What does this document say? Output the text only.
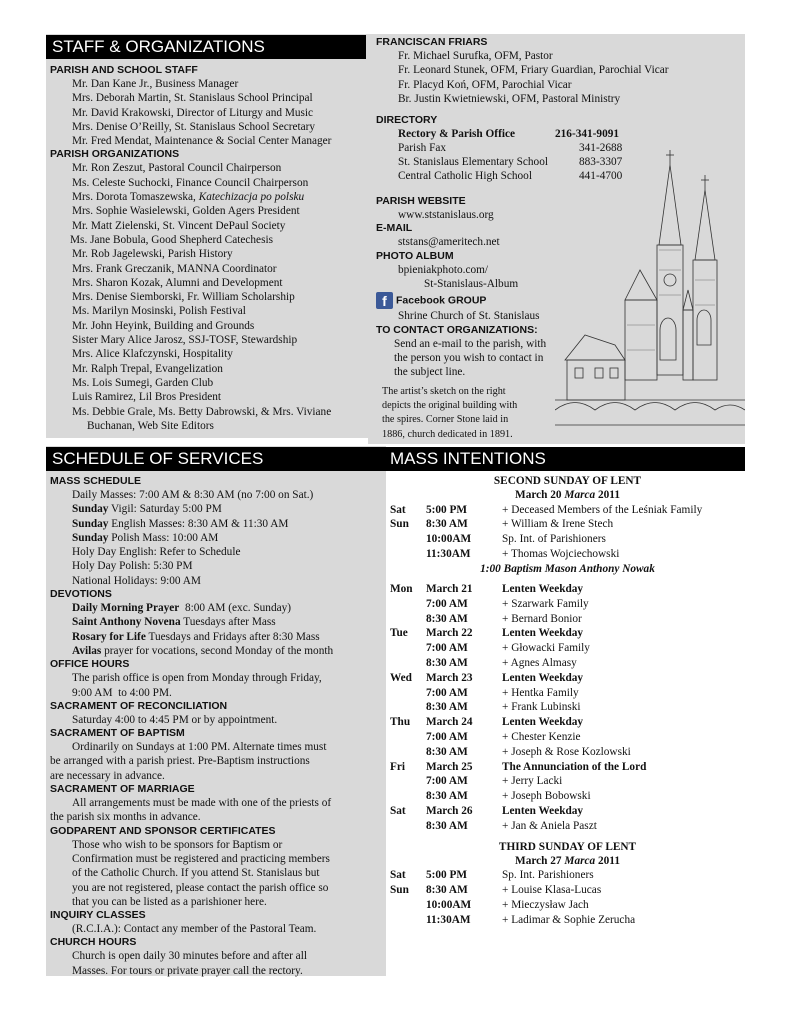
STAFF & ORGANIZATIONS

PARISH AND SCHOOL STAFF

Mr. Dan Kane Jr., Business Manager

Mrs. Deborah Martin, St. Stanislaus School Principal

Mr. David Krakowski, Director of Liturgy and Music

Mrs. Denise O’Reilly, St. Stanislaus School Secretary

Mr. Fred Mendat, Maintenance & Social Center Manager

PARISH ORGANIZATIONS

Mr. Ron Zeszut, Pastoral Council Chairperson

Ms. Celeste Suchocki, Finance Council Chairperson

Mrs. Dorota Tomaszewska, Katechizacja po polsku

Mrs. Sophie Wasielewski, Golden Agers President

Mr. Matt Zielenski, St. Vincent DePaul Society

Ms. Jane Bobula, Good Shepherd Catechesis

Mr. Rob Jagelewski, Parish History

Mrs. Frank Greczanik, MANNA Coordinator

Mrs. Sharon Kozak, Alumni and Development

Mrs. Denise Siemborski, Fr. William Scholarship

Ms. Marilyn Mosinski, Polish Festival

Mr. John Heyink, Building and Grounds

Sister Mary Alice Jarosz, SSJ-TOSF, Stewardship

Mrs. Alice Klafczynski, Hospitality

Mr. Ralph Trepal, Evangelization

Ms. Lois Sumegi, Garden Club

Luis Ramirez, Lil Bros President

Ms. Debbie Grale, Ms. Betty Dabrowski, & Mrs. Viviane

Buchanan, Web Site Editors

FRANCISCAN FRIARS

Fr. Michael Surufka, OFM, Pastor

Fr. Leonard Stunek, OFM, Friary Guardian, Parochial Vicar

Fr. Placyd Koń, OFM, Parochial Vicar

Br. Justin Kwietniewski, OFM, Pastoral Ministry

DIRECTORY

Rectory & Parish Office	216-341-9091
Parish Fax	341-2688
St. Stanislaus Elementary School	883-3307
Central Catholic High School	441-4700

PARISH WEBSITE

www.ststanislaus.org

E-MAIL

ststans@ameritech.net

PHOTO ALBUM

bpieniakphoto.com/

St-Stanislaus-Album

f Facebook GROUP

Shrine Church of St. Stanislaus

TO CONTACT ORGANIZATIONS:

Send an e-mail to the parish, with

the person you wish to contact in

the subject line.

The artist’s sketch on the right
depicts the original building with
the spires. Corner Stone laid in
1886, church dedicated in 1891.
SCHEDULE OF SERVICES

MASS SCHEDULE

Daily Masses: 7:00 AM & 8:30 AM (no 7:00 on Sat.)

Sunday Vigil: Saturday 5:00 PM

Sunday English Masses: 8:30 AM & 11:30 AM

Sunday Polish Mass: 10:00 AM

Holy Day English: Refer to Schedule

Holy Day Polish: 5:30 PM

National Holidays: 9:00 AM

DEVOTIONS

Daily Morning Prayer  8:00 AM (exc. Sunday)

Saint Anthony Novena Tuesdays after Mass

Rosary for Life Tuesdays and Fridays after 8:30 Mass

Avilas prayer for vocations, second Monday of the month

OFFICE HOURS

The parish office is open from Monday through Friday,

9:00 AM  to 4:00 PM.

SACRAMENT OF RECONCILIATION

Saturday 4:00 to 4:45 PM or by appointment.

SACRAMENT OF BAPTISM

Ordinarily on Sundays at 1:00 PM. Alternate times must

be arranged with a parish priest. Pre-Baptism instructions

are necessary in advance.

SACRAMENT OF MARRIAGE

All arrangements must be made with one of the priests of

the parish six months in advance.

GODPARENT AND SPONSOR CERTIFICATES

Those who wish to be sponsors for Baptism or

Confirmation must be registered and practicing members

of the Catholic Church. If you attend St. Stanislaus but

you are not registered, please contact the parish office so

that you can be listed as a parishioner here.

INQUIRY CLASSES

(R.C.I.A.): Contact any member of the Pastoral Team.

CHURCH HOURS

Church is open daily 30 minutes before and after all

Masses. For tours or private prayer call the rectory.

MASS INTENTIONS
SECOND SUNDAY OF LENT
March 20 Marca 2011
Sat	5:00 PM	+ Deceased Members of the Leśniak Family
Sun	8:30 AM	+ William & Irene Stech
10:00AM	Sp. Int. of Parishioners
11:30AM	+ Thomas Wojciechowski
1:00 Baptism Mason Anthony Nowak
Mon	March 21	Lenten Weekday
7:00 AM	+ Szarwark Family
8:30 AM	+ Bernard Bonior
Tue	March 22	Lenten Weekday
7:00 AM	+ Głowacki Family
8:30 AM	+ Agnes Almasy
Wed	March 23	Lenten Weekday
7:00 AM	+ Hentka Family
8:30 AM	+ Frank Lubinski
Thu	March 24	Lenten Weekday
7:00 AM	+ Chester Kenzie
8:30 AM	+ Joseph & Rose Kozlowski
Fri	March 25	The Annunciation of the Lord
7:00 AM	+ Jerry Lacki
8:30 AM	+ Joseph Bobowski
Sat	March 26	Lenten Weekday
8:30 AM	+ Jan & Aniela Paszt
THIRD SUNDAY OF LENT
March 27 Marca 2011
Sat	5:00 PM	Sp. Int. Parishioners
Sun	8:30 AM	+ Louise Klasa-Lucas
10:00AM	+ Mieczysław Jach
11:30AM	+ Ladimar & Sophie Zerucha
